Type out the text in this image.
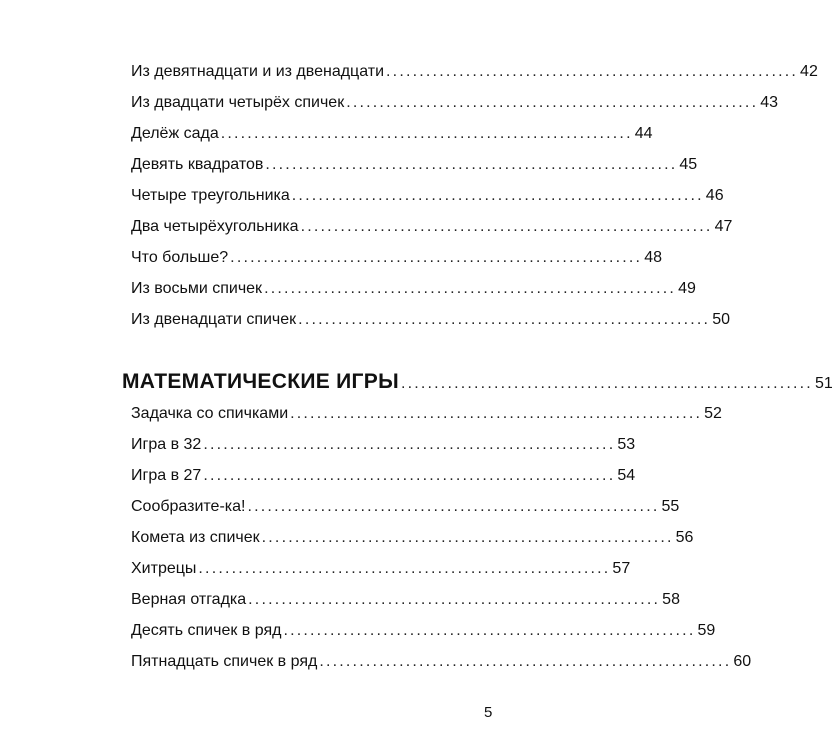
Из девятнадцати и из двенадцати .............................................................. 42
Из двадцати четырёх спичек .............................................................. 43
Делёж сада .............................................................. 44
Девять квадратов .............................................................. 45
Четыре треугольника .............................................................. 46
Два четырёхугольника .............................................................. 47
Что больше? .............................................................. 48
Из восьми спичек .............................................................. 49
Из двенадцати спичек .............................................................. 50
МАТЕМАТИЧЕСКИЕ ИГРЫ .............................................................. 51
Задачка со спичками .............................................................. 52
Игра в 32 .............................................................. 53
Игра в 27 .............................................................. 54
Сообразите-ка! .............................................................. 55
Комета из спичек .............................................................. 56
Хитрецы .............................................................. 57
Верная отгадка .............................................................. 58
Десять спичек в ряд .............................................................. 59
Пятнадцать спичек в ряд .............................................................. 60
5
